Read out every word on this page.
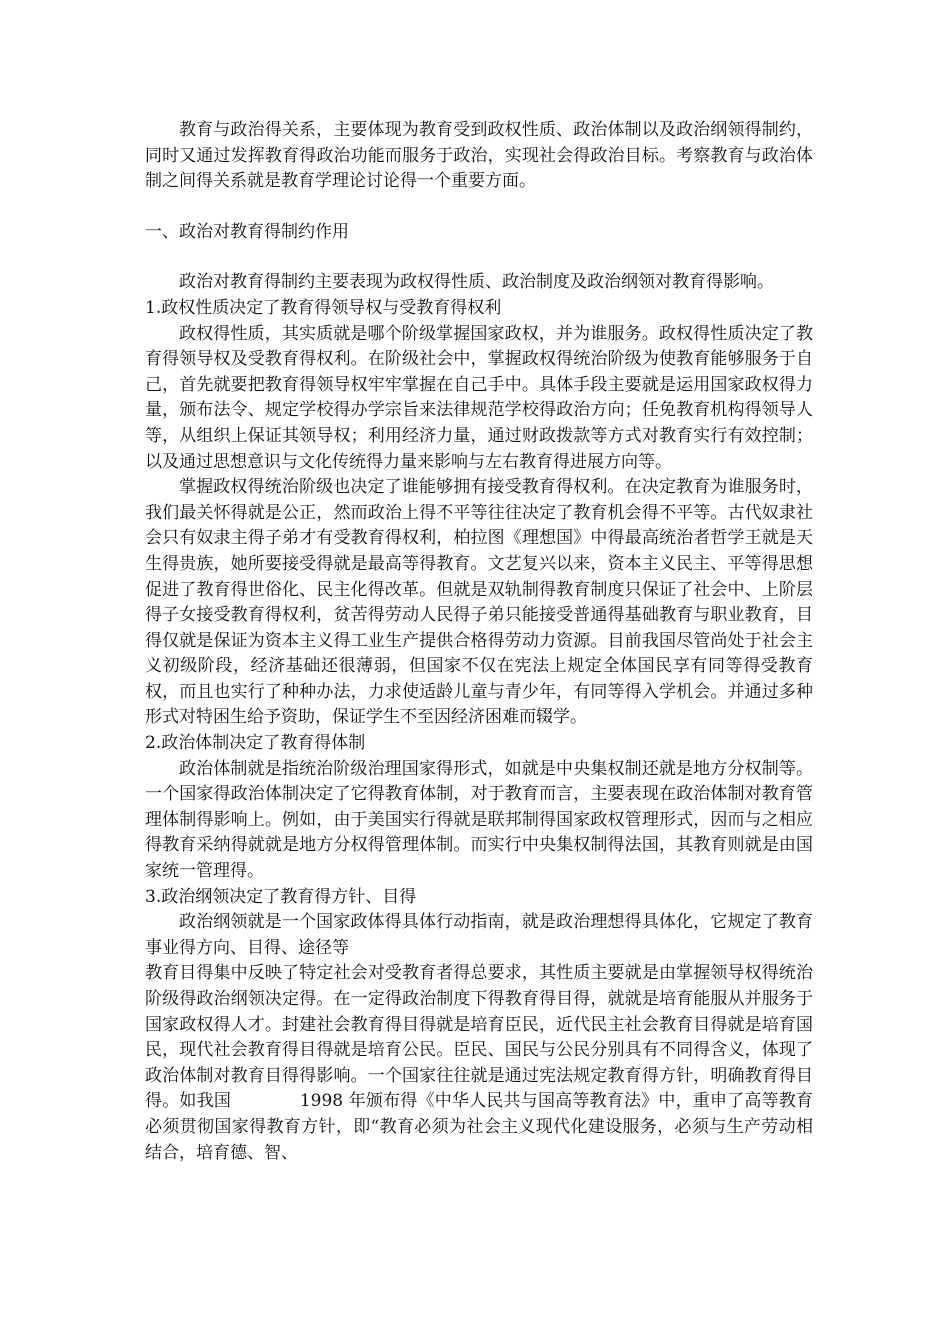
教育与政治得关系，主要体现为教育受到政权性质、政治体制以及政治纲领得制约，同时又通过发挥教育得政治功能而服务于政治，实现社会得政治目标。考察教育与政治体制之间得关系就是教育学理论讨论得一个重要方面。

一、政治对教育得制约作用

政治对教育得制约主要表现为政权得性质、政治制度及政治纲领对教育得影响。

1.政权性质决定了教育得领导权与受教育得权利

政权得性质，其实质就是哪个阶级掌握国家政权，并为谁服务。政权得性质决定了教育得领导权及受教育得权利。在阶级社会中，掌握政权得统治阶级为使教育能够服务于自己，首先就要把教育得领导权牢牢掌握在自己手中。具体手段主要就是运用国家政权得力量，颁布法令、规定学校得办学宗旨来法律规范学校得政治方向；任免教育机构得领导人等，从组织上保证其领导权；利用经济力量，通过财政拨款等方式对教育实行有效控制；以及通过思想意识与文化传统得力量来影响与左右教育得进展方向等。

掌握政权得统治阶级也决定了谁能够拥有接受教育得权利。在决定教育为谁服务时，我们最关怀得就是公正，然而政治上得不平等往往决定了教育机会得不平等。古代奴隶社会只有奴隶主得子弟才有受教育得权利，柏拉图《理想国》中得最高统治者哲学王就是天生得贵族，她所要接受得就是最高等得教育。文艺复兴以来，资本主义民主、平等得思想促进了教育得世俗化、民主化得改革。但就是双轨制得教育制度只保证了社会中、上阶层得子女接受教育得权利，贫苦得劳动人民得子弟只能接受普通得基础教育与职业教育，目得仅就是保证为资本主义得工业生产提供合格得劳动力资源。目前我国尽管尚处于社会主义初级阶段，经济基础还很薄弱，但国家不仅在宪法上规定全体国民享有同等得受教育权，而且也实行了种种办法，力求使适龄儿童与青少年，有同等得入学机会。并通过多种形式对特困生给予资助，保证学生不至因经济困难而辍学。

2.政治体制决定了教育得体制

政治体制就是指统治阶级治理国家得形式，如就是中央集权制还就是地方分权制等。一个国家得政治体制决定了它得教育体制，对于教育而言，主要表现在政治体制对教育管理体制得影响上。例如，由于美国实行得就是联邦制得国家政权管理形式，因而与之相应得教育采纳得就就是地方分权得管理体制。而实行中央集权制得法国，其教育则就是由国家统一管理得。

3.政治纲领决定了教育得方针、目得

政治纲领就是一个国家政体得具体行动指南，就是政治理想得具体化，它规定了教育事业得方向、目得、途径等

教育目得集中反映了特定社会对受教育者得总要求，其性质主要就是由掌握领导权得统治阶级得政治纲领决定得。在一定得政治制度下得教育得目得，就就是培育能服从并服务于国家政权得人才。封建社会教育得目得就是培育臣民，近代民主社会教育目得就是培育国民，现代社会教育得目得就是培育公民。臣民、国民与公民分别具有不同得含义，体现了政治体制对教育目得得影响。一个国家往往就是通过宪法规定教育得方针，明确教育得目得。如我国　　　　1998 年颁布得《中华人民共与国高等教育法》中，重申了高等教育必须贯彻国家得教育方针，即“教育必须为社会主义现代化建设服务，必须与生产劳动相结合，培育德、智、
